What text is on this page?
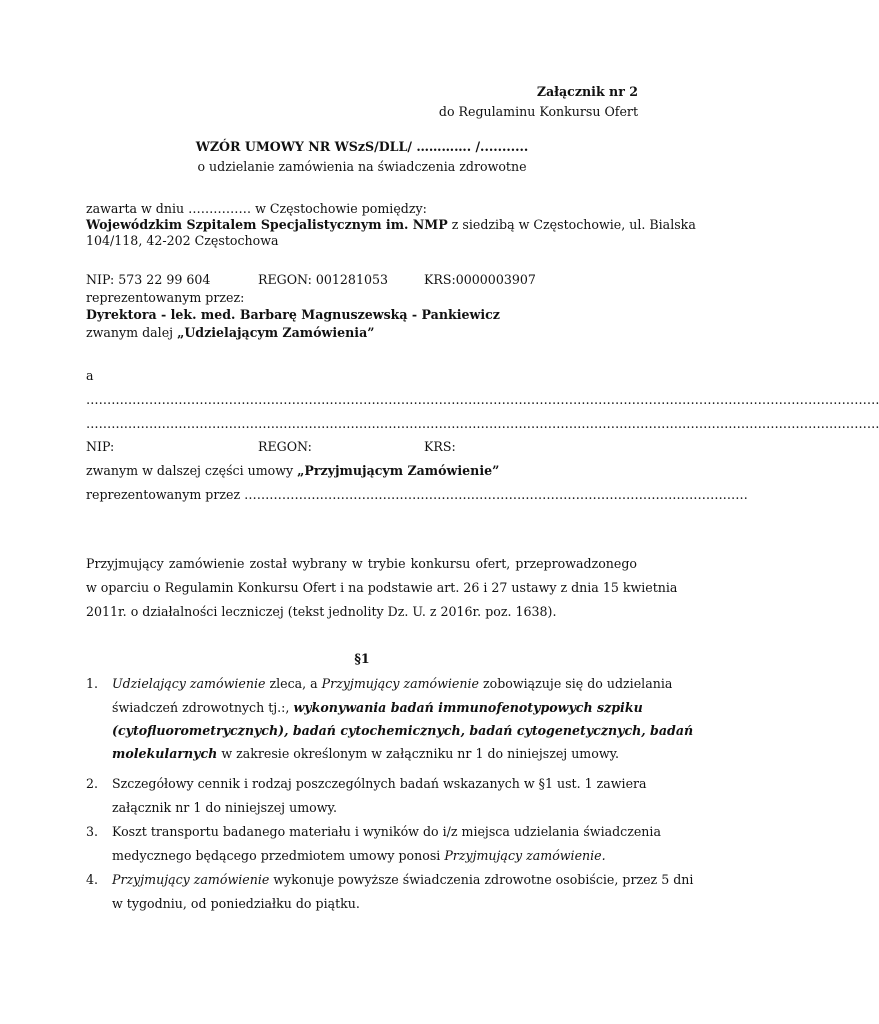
Załącznik nr 2
do Regulaminu Konkursu Ofert
WZÓR UMOWY NR WSzS/DLL/ …………. /...........
o udzielanie zamówienia na świadczenia zdrowotne
zawarta w dniu …………… w Częstochowie pomiędzy:
Wojewódzkim Szpitalem Specjalistycznym im. NMP z siedzibą w Częstochowie, ul. Bialska
104/118, 42-202 Częstochowa
NIP: 573 22 99 604	REGON: 001281053	KRS:0000003907
reprezentowanym przez:
Dyrektora - lek. med. Barbarę Magnuszewską - Pankiewicz
zwanym dalej „Udzielającym Zamówienia”
a
………………………………………………………………………………………………………………………………………………………………………
………………………………………………………………………………………………………………………………………………………………………
NIP:	REGON:	KRS:
zwanym w dalszej części umowy „Przyjmującym Zamówienie”
reprezentowanym przez …………………………………………………………………………………………………………
Przyjmujący zamówienie został wybrany w trybie konkursu ofert, przeprowadzonego
w oparciu o Regulamin Konkursu Ofert i na podstawie art. 26 i 27 ustawy z dnia 15 kwietnia
2011r. o działalności leczniczej (tekst jednolity Dz. U. z 2016r. poz. 1638).
§1
1. Udzielający zamówienie zleca, a Przyjmujący zamówienie zobowiązuje się do udzielania
świadczeń zdrowotnych tj.:, wykonywania badań immunofenotypowych szpiku
(cytofluorometrycznych), badań cytochemicznych, badań cytogenetycznych, badań
molekularnych w zakresie określonym w załączniku nr 1 do niniejszej umowy.
2. Szczegółowy cennik i rodzaj poszczególnych badań wskazanych w §1 ust. 1 zawiera
załącznik nr 1 do niniejszej umowy.
3. Koszt transportu badanego materiału i wyników do i/z miejsca udzielania świadczenia
medycznego będącego przedmiotem umowy ponosi Przyjmujący zamówienie.
4. Przyjmujący zamówienie wykonuje powyższe świadczenia zdrowotne osobiście, przez 5 dni
w tygodniu, od poniedziałku do piątku.
